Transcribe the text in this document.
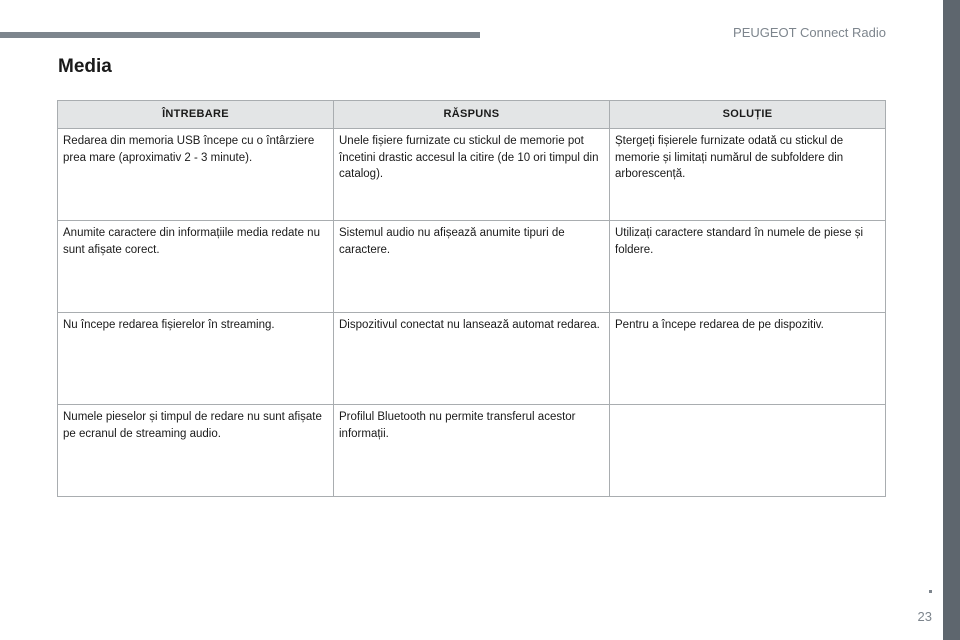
PEUGEOT Connect Radio
Media
ÎNTREBARE	RĂSPUNS	SOLUȚIE
Redarea din memoria USB începe cu o întârziere prea mare (aproximativ 2 - 3 minute).	Unele fișiere furnizate cu stickul de memorie pot încetini drastic accesul la citire (de 10 ori timpul din catalog).	Ștergeți fișierele furnizate odată cu stickul de memorie și limitați numărul de subfoldere din arborescență.
Anumite caractere din informațiile media redate nu sunt afișate corect.	Sistemul audio nu afișează anumite tipuri de caractere.	Utilizați caractere standard în numele de piese și foldere.
Nu începe redarea fișierelor în streaming.	Dispozitivul conectat nu lansează automat redarea.	Pentru a începe redarea de pe dispozitiv.
Numele pieselor și timpul de redare nu sunt afișate pe ecranul de streaming audio.	Profilul Bluetooth nu permite transferul acestor informații.	
23
